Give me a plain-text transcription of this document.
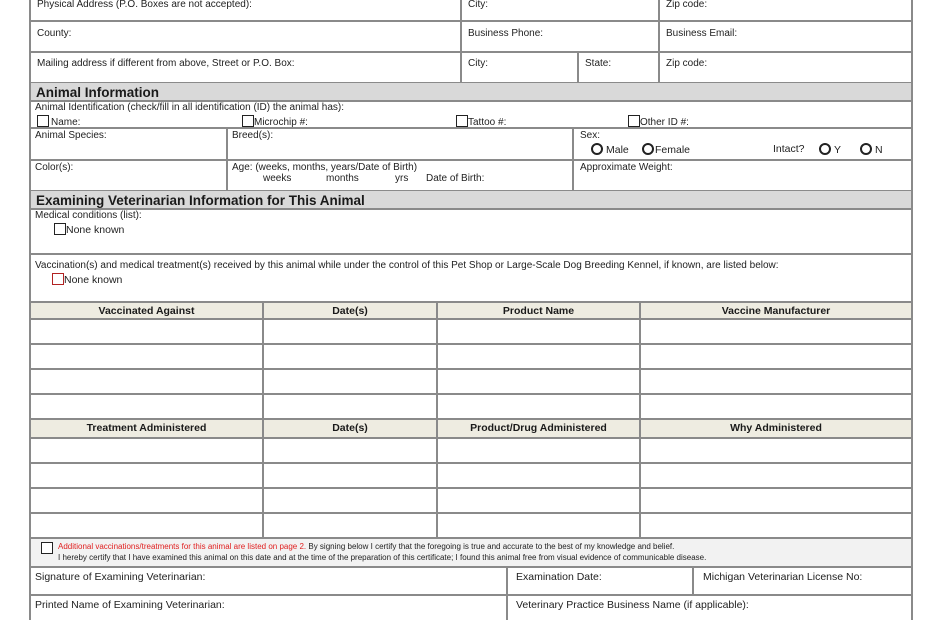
Physical Address (P.O. Boxes are not accepted):	City:	Zip code:
County:	Business Phone:	Business Email:
Mailing address if different from above, Street or P.O. Box:	City:	State:	Zip code:
Animal Information
Animal Identification (check/fill in all identification (ID) the animal has):
Name:	Microchip #:	Tattoo #:	Other ID #:
Animal Species:	Breed(s):	Sex:
Male	Female	Intact?	Y	N
Color(s):	Age: (weeks, months, years/Date of Birth)
weeks	months	yrs Date of Birth:
Approximate Weight:
Examining Veterinarian Information for This Animal
Medical conditions (list):
None known
Vaccination(s) and medical treatment(s) received by this animal while under the control of this Pet Shop or Large-Scale Dog Breeding Kennel, if known, are listed below:
None known
Vaccinated Against	Date(s)	Product Name	Vaccine Manufacturer
Treatment Administered	Date(s)	Product/Drug Administered	Why Administered
Additional vaccinations/treatments for this animal are listed on page 2. By signing below I certify that the foregoing is true and accurate to the best of my knowledge and belief.
I hereby certify that I have examined this animal on this date and at the time of the preparation of this certificate; I found this animal free from visual evidence of communicable disease.
Signature of Examining Veterinarian:	Examination Date:	Michigan Veterinarian License No:
Printed Name of Examining Veterinarian:	Veterinary Practice Business Name (if applicable):
